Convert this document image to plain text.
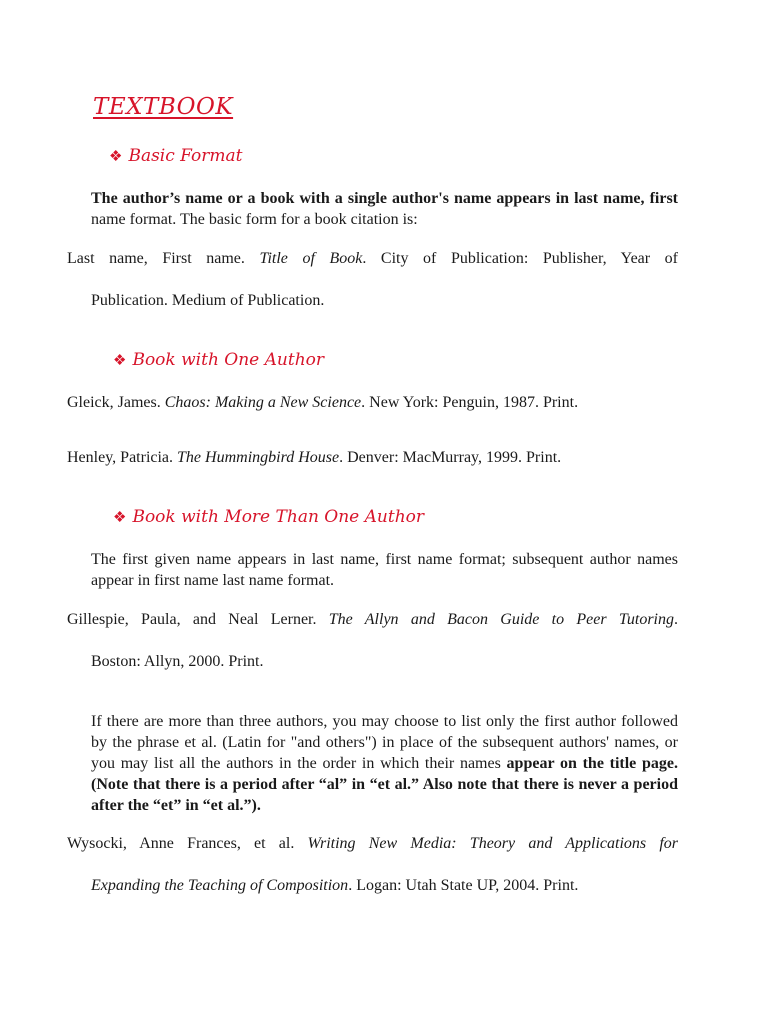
TEXTBOOK
❖ Basic Format

The author’s name or a book with a single author's name appears in last name, first
name format. The basic form for a book citation is:

Last name, First name. Title of Book. City of Publication: Publisher, Year of

Publication. Medium of Publication.

❖ Book with One Author

Gleick, James. Chaos: Making a New Science. New York: Penguin, 1987. Print.

Henley, Patricia. The Hummingbird House. Denver: MacMurray, 1999. Print.

❖ Book with More Than One Author

The first given name appears in last name, first name format; subsequent author names appear in first name last name format.

Gillespie, Paula, and Neal Lerner. The Allyn and Bacon Guide to Peer Tutoring.

Boston: Allyn, 2000. Print.

If there are more than three authors, you may choose to list only the first author followed by the phrase et al. (Latin for "and others") in place of the subsequent authors' names, or you may list all the authors in the order in which their names appear on the title page. (Note that there is a period after “al” in “et al.” Also note that there is never a period after the “et” in “et al.”).

Wysocki, Anne Frances, et al. Writing New Media: Theory and Applications for

Expanding the Teaching of Composition. Logan: Utah State UP, 2004. Print.
